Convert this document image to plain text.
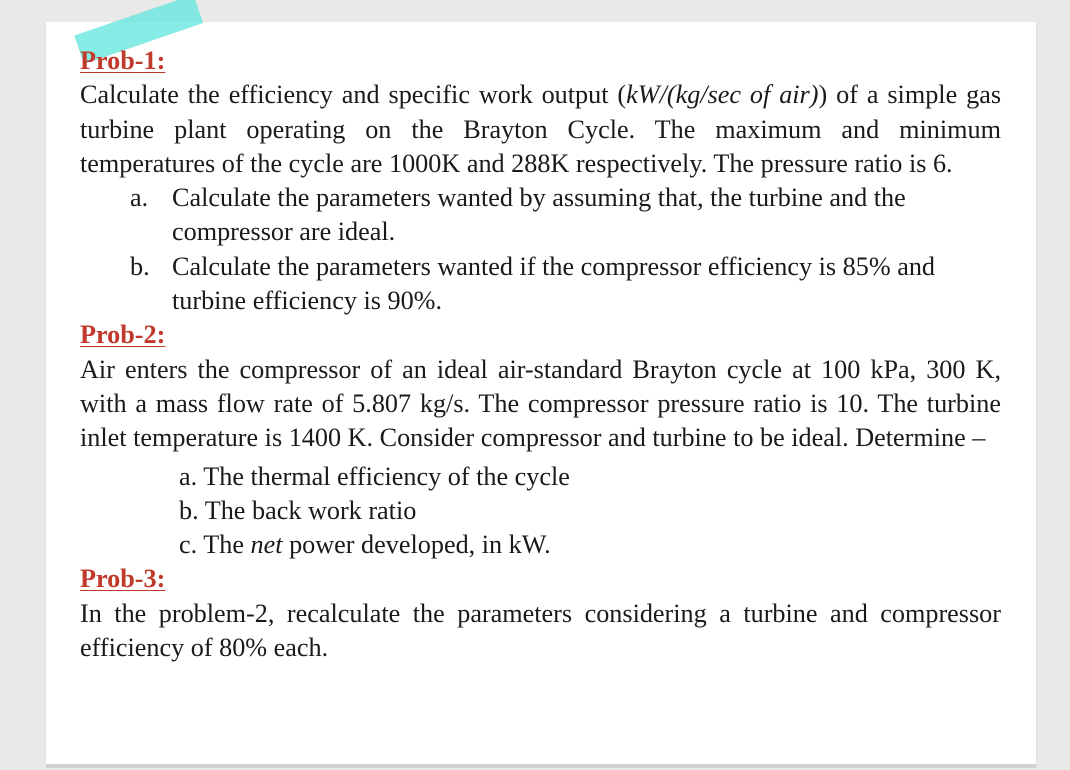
Prob-1:

Calculate the efficiency and specific work output (kW/(kg/sec of air)) of a simple gas turbine plant operating on the Brayton Cycle. The maximum and minimum temperatures of the cycle are 1000K and 288K respectively. The pressure ratio is 6.

a. Calculate the parameters wanted by assuming that, the turbine and the compressor are ideal.
b. Calculate the parameters wanted if the compressor efficiency is 85% and turbine efficiency is 90%.
Prob-2:

Air enters the compressor of an ideal air-standard Brayton cycle at 100 kPa, 300 K, with a mass flow rate of 5.807 kg/s. The compressor pressure ratio is 10. The turbine inlet temperature is 1400 K. Consider compressor and turbine to be ideal. Determine –

a. The thermal efficiency of the cycle
b. The back work ratio
c. The net power developed, in kW.
Prob-3:

In the problem-2, recalculate the parameters considering a turbine and compressor efficiency of 80% each.
